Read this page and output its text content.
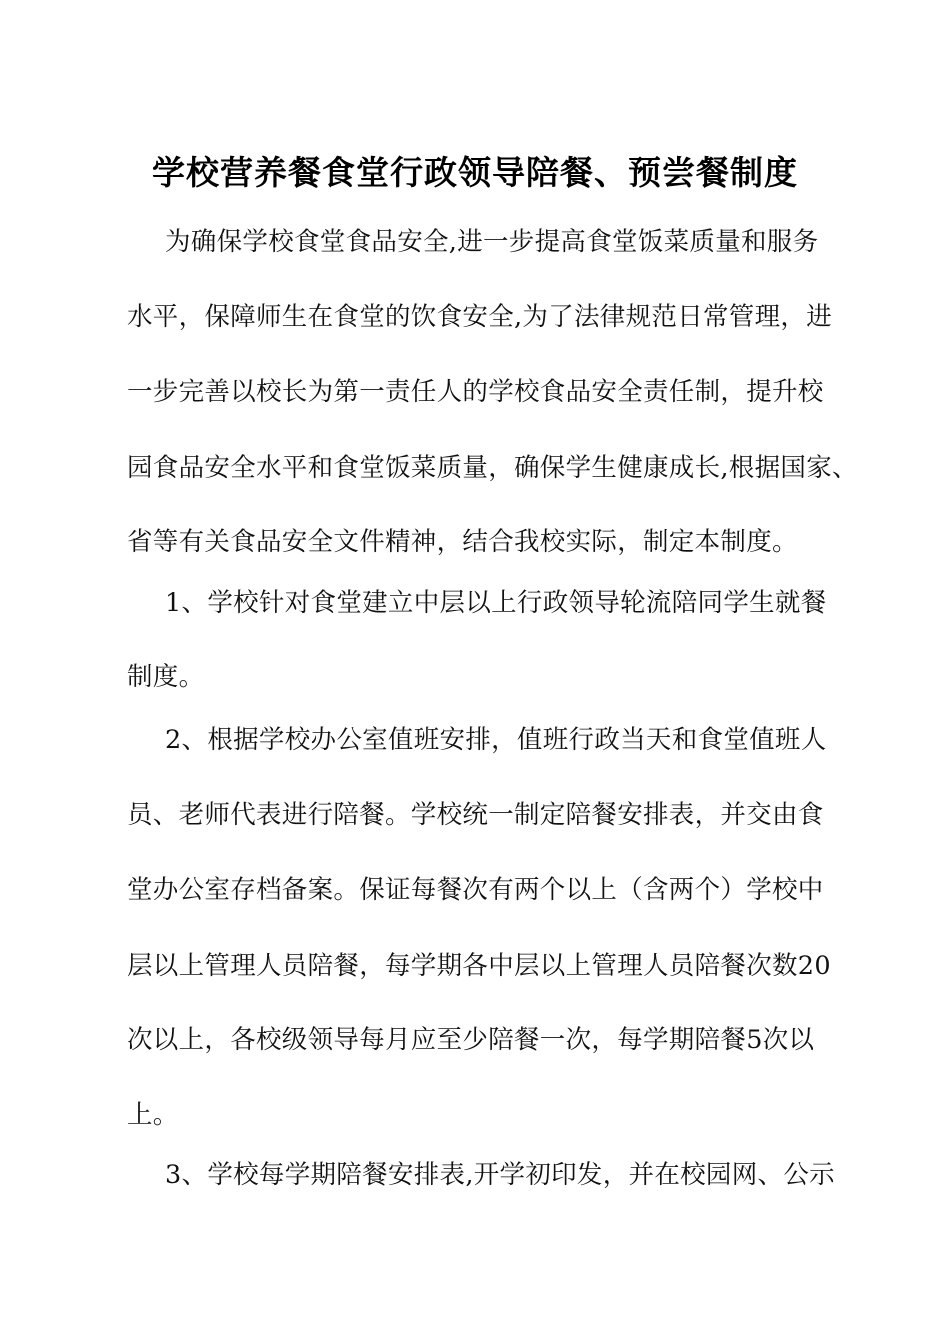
学校营养餐食堂行政领导陪餐、预尝餐制度
为确保学校食堂食品安全,进一步提高食堂饭菜质量和服务
水平，保障师生在食堂的饮食安全,为了法律规范日常管理，进
一步完善以校长为第一责任人的学校食品安全责任制，提升校
园食品安全水平和食堂饭菜质量，确保学生健康成长,根据国家、
省等有关食品安全文件精神，结合我校实际，制定本制度。
1、学校针对食堂建立中层以上行政领导轮流陪同学生就餐
制度。
2、根据学校办公室值班安排，值班行政当天和食堂值班人
员、老师代表进行陪餐。学校统一制定陪餐安排表，并交由食
堂办公室存档备案。保证每餐次有两个以上（含两个）学校中
层以上管理人员陪餐，每学期各中层以上管理人员陪餐次数20
次以上，各校级领导每月应至少陪餐一次，每学期陪餐5次以
上。
3、学校每学期陪餐安排表,开学初印发，并在校园网、公示
